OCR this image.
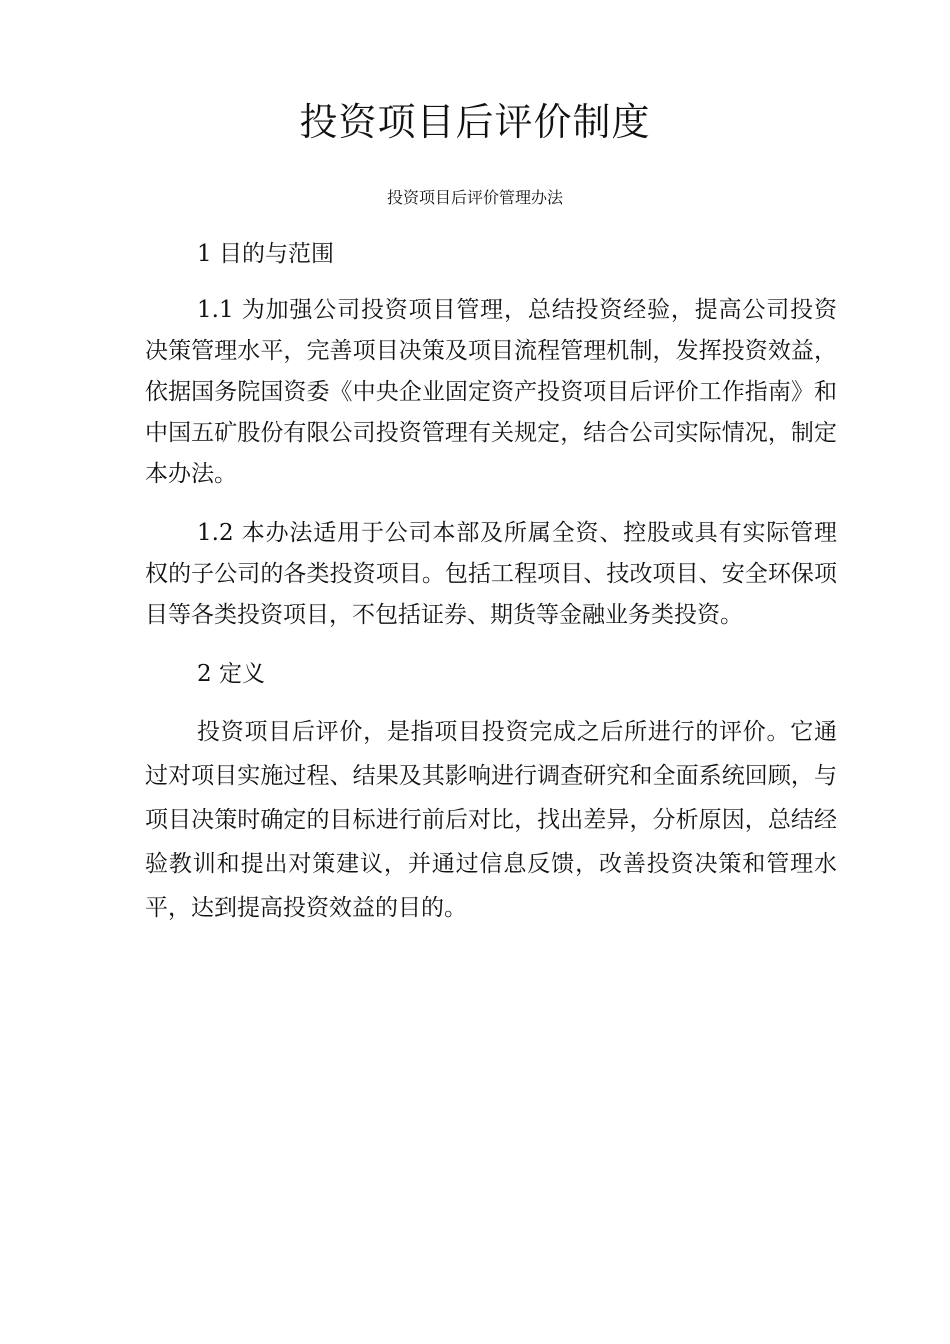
投资项目后评价制度
投资项目后评价管理办法
1 目的与范围

1.1 为加强公司投资项目管理，总结投资经验，提高公司投资决策管理水平，完善项目决策及项目流程管理机制，发挥投资效益，依据国务院国资委《中央企业固定资产投资项目后评价工作指南》和中国五矿股份有限公司投资管理有关规定，结合公司实际情况，制定本办法。

1.2 本办法适用于公司本部及所属全资、控股或具有实际管理权的子公司的各类投资项目。包括工程项目、技改项目、安全环保项目等各类投资项目，不包括证券、期货等金融业务类投资。

2 定义

投资项目后评价，是指项目投资完成之后所进行的评价。它通过对项目实施过程、结果及其影响进行调查研究和全面系统回顾，与项目决策时确定的目标进行前后对比，找出差异，分析原因，总结经验教训和提出对策建议，并通过信息反馈，改善投资决策和管理水平，达到提高投资效益的目的。
